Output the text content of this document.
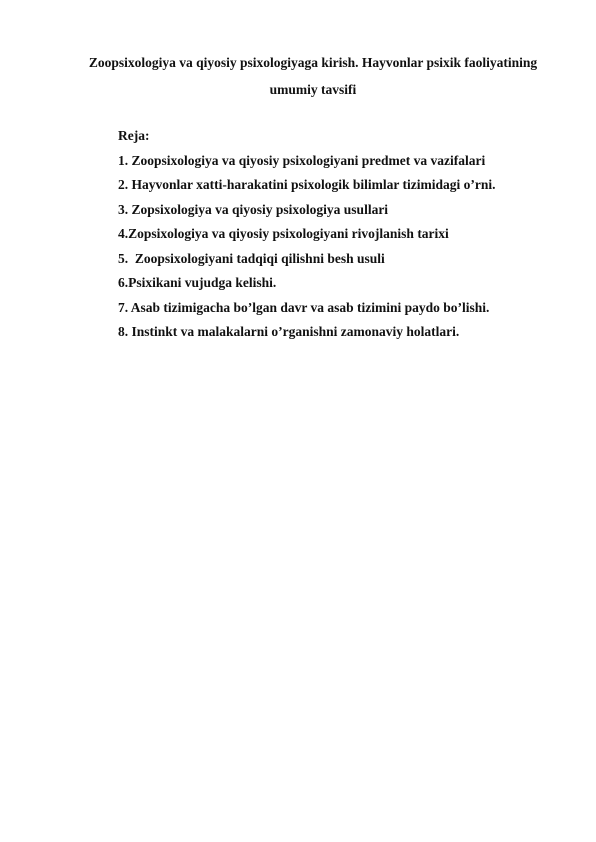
Zoopsixologiya va qiyosiy psixologiyaga kirish. Hayvonlar psixik faoliyatining
umumiy tavsifi
Reja:
1. Zoopsixologiya va qiyosiy psixologiyani predmet va vazifalari
2. Hayvonlar xatti-harakatini psixologik bilimlar tizimidagi o’rni.
3. Zopsixologiya va qiyosiy psixologiya usullari
4.Zopsixologiya va qiyosiy psixologiyani rivojlanish tarixi
5.  Zoopsixologiyani tadqiqi qilishni besh usuli
6.Psixikani vujudga kelishi.
7. Asab tizimigacha bo’lgan davr va asab tizimini paydo bo’lishi.
8. Instinkt va malakalarni o’rganishni zamonaviy holatlari.
